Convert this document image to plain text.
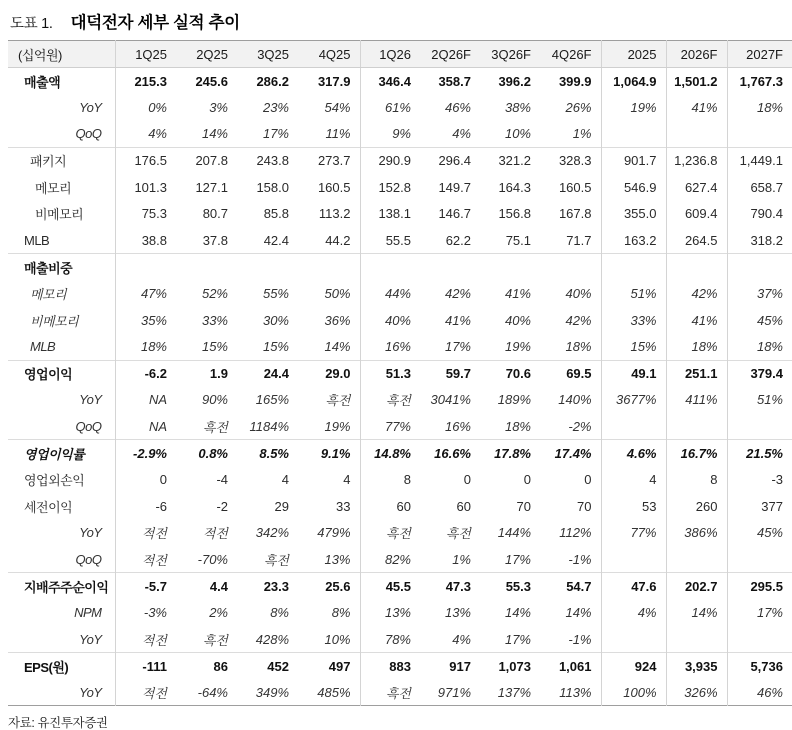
도표 1. 대덕전자 세부 실적 추이
(십억원)	1Q25	2Q25	3Q25	4Q25	1Q26	2Q26F	3Q26F	4Q26F	2025	2026F	2027F
매출액	215.3	245.6	286.2	317.9	346.4	358.7	396.2	399.9	1,064.9	1,501.2	1,767.3
YoY	0%	3%	23%	54%	61%	46%	38%	26%	19%	41%	18%
QoQ	4%	14%	17%	11%	9%	4%	10%	1%			
패키지	176.5	207.8	243.8	273.7	290.9	296.4	321.2	328.3	901.7	1,236.8	1,449.1
메모리	101.3	127.1	158.0	160.5	152.8	149.7	164.3	160.5	546.9	627.4	658.7
비메모리	75.3	80.7	85.8	113.2	138.1	146.7	156.8	167.8	355.0	609.4	790.4
MLB	38.8	37.8	42.4	44.2	55.5	62.2	75.1	71.7	163.2	264.5	318.2
매출비중											
메모리	47%	52%	55%	50%	44%	42%	41%	40%	51%	42%	37%
비메모리	35%	33%	30%	36%	40%	41%	40%	42%	33%	41%	45%
MLB	18%	15%	15%	14%	16%	17%	19%	18%	15%	18%	18%
영업이익	-6.2	1.9	24.4	29.0	51.3	59.7	70.6	69.5	49.1	251.1	379.4
YoY	NA	90%	165%	흑전	흑전	3041%	189%	140%	3677%	411%	51%
QoQ	NA	흑전	1184%	19%	77%	16%	18%	-2%			
영업이익률	-2.9%	0.8%	8.5%	9.1%	14.8%	16.6%	17.8%	17.4%	4.6%	16.7%	21.5%
영업외손익	0	-4	4	4	8	0	0	0	4	8	-3
세전이익	-6	-2	29	33	60	60	70	70	53	260	377
YoY	적전	적전	342%	479%	흑전	흑전	144%	112%	77%	386%	45%
QoQ	적전	-70%	흑전	13%	82%	1%	17%	-1%			
지배주주순이익	-5.7	4.4	23.3	25.6	45.5	47.3	55.3	54.7	47.6	202.7	295.5
NPM	-3%	2%	8%	8%	13%	13%	14%	14%	4%	14%	17%
YoY	적전	흑전	428%	10%	78%	4%	17%	-1%			
EPS(원)	-111	86	452	497	883	917	1,073	1,061	924	3,935	5,736
YoY	적전	-64%	349%	485%	흑전	971%	137%	113%	100%	326%	46%
자료: 유진투자증권
